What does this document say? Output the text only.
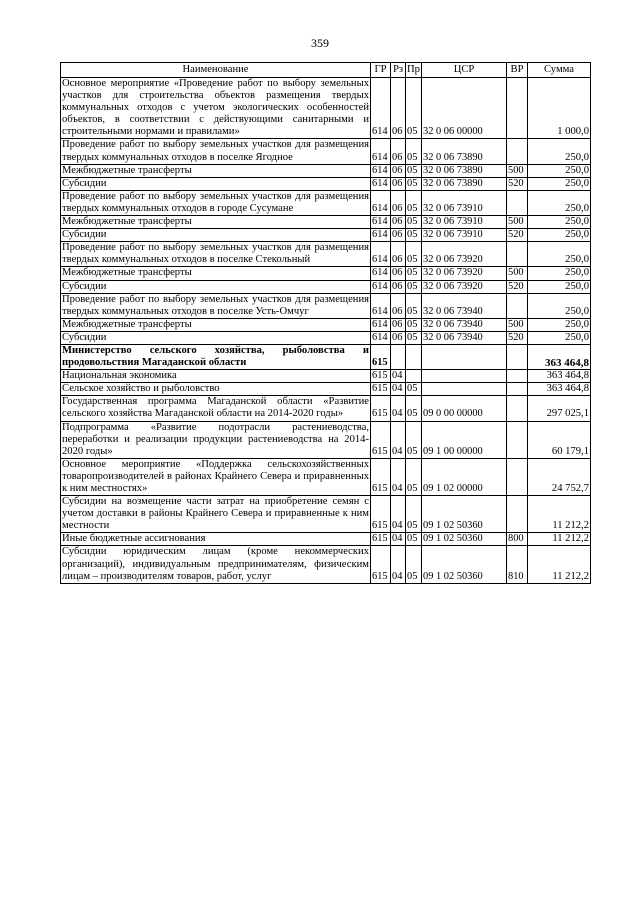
359
Наименование	ГР	Рз	Пр	ЦСР	ВР	Сумма
Основное мероприятие «Проведение работ по выбору земельных участков для строительства объектов размещения твердых коммунальных отходов с учетом экологических особенностей объектов, в соответствии с действующими санитарными и строительными нормами и правилами»	614	06	05	32 0 06 00000		1 000,0
Проведение работ по выбору земельных участков для размещения твердых коммунальных отходов в поселке Ягодное	614	06	05	32 0 06 73890		250,0
Межбюджетные трансферты	614	06	05	32 0 06 73890	500	250,0
Субсидии	614	06	05	32 0 06 73890	520	250,0
Проведение работ по выбору земельных участков для размещения твердых коммунальных отходов в городе Сусумане	614	06	05	32 0 06 73910		250,0
Межбюджетные трансферты	614	06	05	32 0 06 73910	500	250,0
Субсидии	614	06	05	32 0 06 73910	520	250,0
Проведение работ по выбору земельных участков для размещения твердых коммунальных отходов в поселке Стекольный	614	06	05	32 0 06 73920		250,0
Межбюджетные трансферты	614	06	05	32 0 06 73920	500	250,0
Субсидии	614	06	05	32 0 06 73920	520	250,0
Проведение работ по выбору земельных участков для размещения твердых коммунальных отходов в поселке Усть-Омчуг	614	06	05	32 0 06 73940		250,0
Межбюджетные трансферты	614	06	05	32 0 06 73940	500	250,0
Субсидии	614	06	05	32 0 06 73940	520	250,0
Министерство сельского хозяйства, рыболовства и продовольствия Магаданской области	615					363 464,8
Национальная экономика	615	04				363 464,8
Сельское хозяйство и рыболовство	615	04	05			363 464,8
Государственная программа Магаданской области «Развитие сельского хозяйства Магаданской области на 2014-2020 годы»	615	04	05	09 0 00 00000		297 025,1
Подпрограмма «Развитие подотрасли растениеводства, переработки и реализации продукции растениеводства на 2014-2020 годы»	615	04	05	09 1 00 00000		60 179,1
Основное мероприятие «Поддержка сельскохозяйственных товаропроизводителей в районах Крайнего Севера и приравненных к ним местностях»	615	04	05	09 1 02 00000		24 752,7
Субсидии на возмещение части затрат на приобретение семян с учетом доставки в районы Крайнего Севера и приравненные к ним местности	615	04	05	09 1 02 50360		11 212,2
Иные бюджетные ассигнования	615	04	05	09 1 02 50360	800	11 212,2
Субсидии юридическим лицам (кроме некоммерческих организаций), индивидуальным предпринимателям, физическим лицам – производителям товаров, работ, услуг	615	04	05	09 1 02 50360	810	11 212,2
